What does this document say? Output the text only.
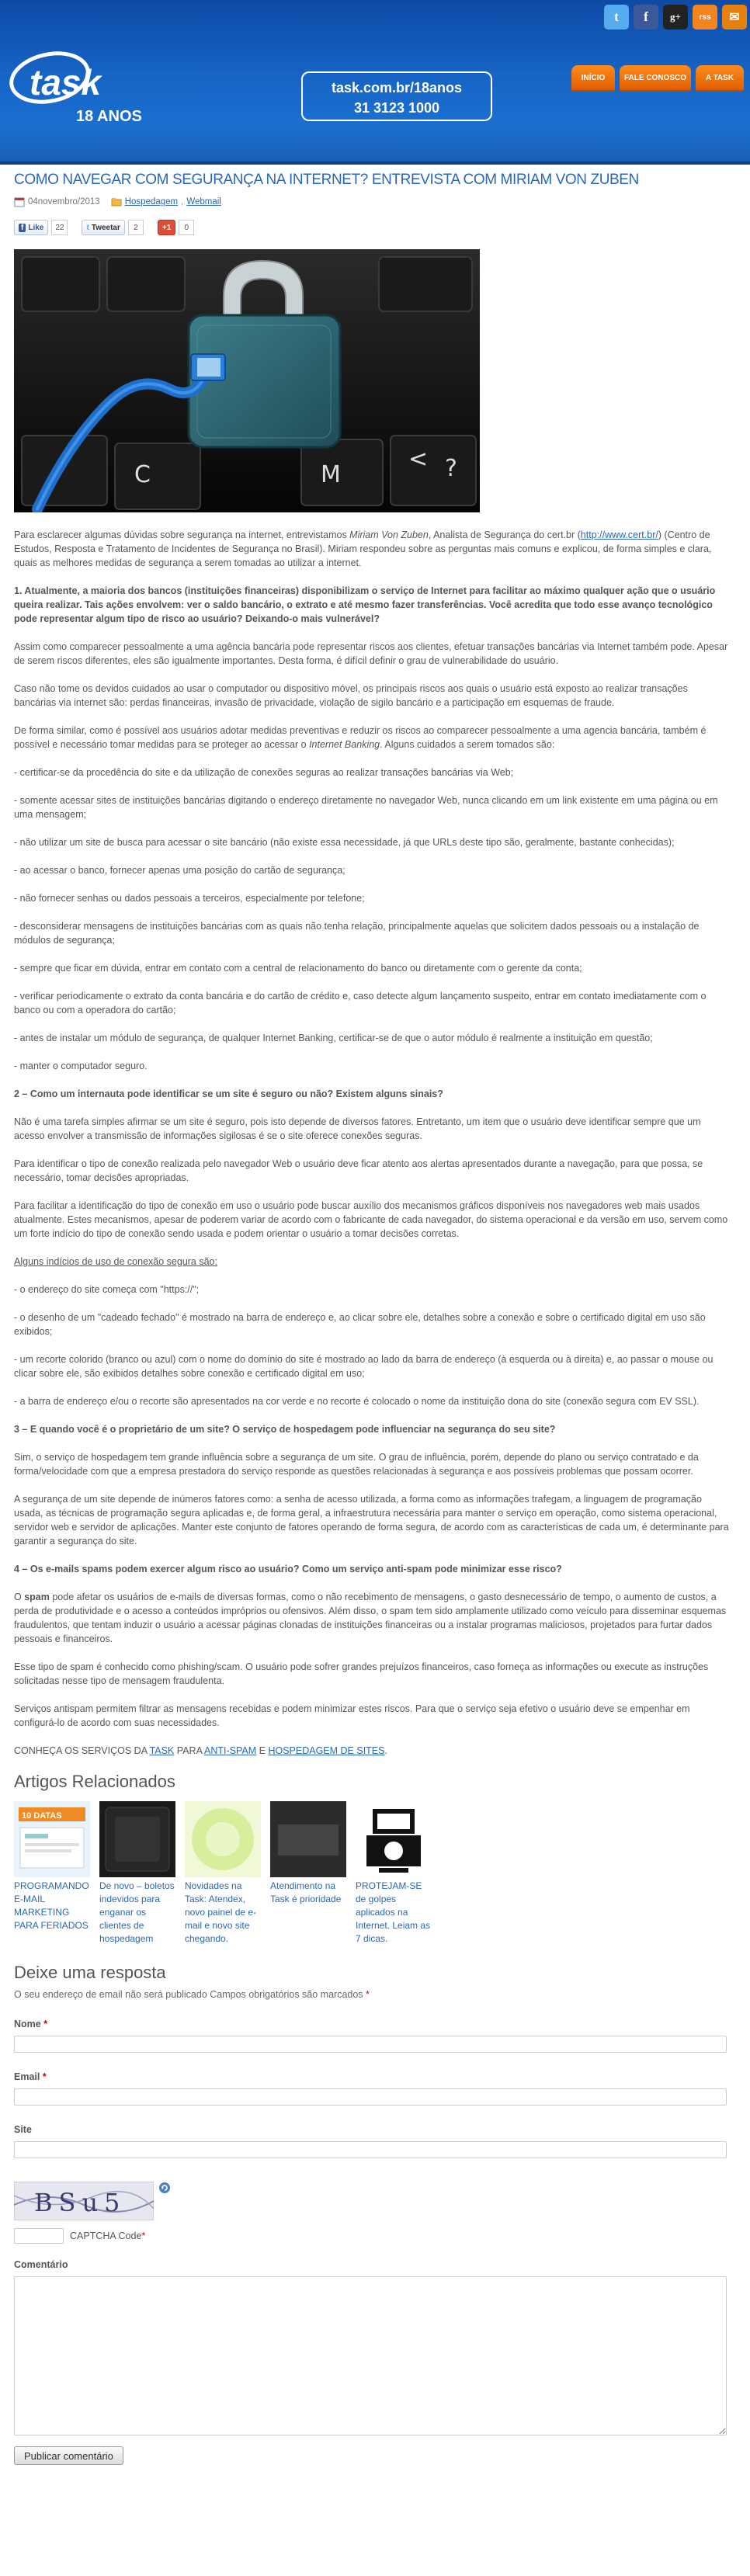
task
18 ANOS
task.com.br/18anos
31 3123 1000
t f g+ rss ✉
INÍCIO	FALE CONOSCO	A TASK
COMO NAVEGAR COM SEGURANÇA NA INTERNET? ENTREVISTA COM MIRIAM VON ZUBEN
04novembro/2013	Hospedagem , Webmail
f Like	22	t Tweetar	2	+1	0
C	M
< ?

Para esclarecer algumas dúvidas sobre segurança na internet, entrevistamos Miriam Von Zuben, Analista de Segurança do cert.br (http://www.cert.br/) (Centro de Estudos, Resposta e Tratamento de Incidentes de Segurança no Brasil). Miriam respondeu sobre as perguntas mais comuns e explicou, de forma simples e clara, quais as melhores medidas de segurança a serem tomadas ao utilizar a internet.

1. Atualmente, a maioria dos bancos (instituições financeiras) disponibilizam o serviço de Internet para facilitar ao máximo qualquer ação que o usuário queira realizar. Tais ações envolvem: ver o saldo bancário, o extrato e até mesmo fazer transferências. Você acredita que todo esse avanço tecnológico pode representar algum tipo de risco ao usuário? Deixando-o mais vulnerável?

Assim como comparecer pessoalmente a uma agência bancária pode representar riscos aos clientes, efetuar transações bancárias via Internet também pode. Apesar de serem riscos diferentes, eles são igualmente importantes. Desta forma, é difícil definir o grau de vulnerabilidade do usuário.

Caso não tome os devidos cuidados ao usar o computador ou dispositivo móvel, os principais riscos aos quais o usuário está exposto ao realizar transações bancárias via internet são: perdas financeiras, invasão de privacidade, violação de sigilo bancário e a participação em esquemas de fraude.

De forma similar, como é possível aos usuários adotar medidas preventivas e reduzir os riscos ao comparecer pessoalmente a uma agencia bancária, também é possível e necessário tomar medidas para se proteger ao acessar o Internet Banking. Alguns cuidados a serem tomados são:

- certificar-se da procedência do site e da utilização de conexões seguras ao realizar transações bancárias via Web;

- somente acessar sites de instituições bancárias digitando o endereço diretamente no navegador Web, nunca clicando em um link existente em uma página ou em uma mensagem;

- não utilizar um site de busca para acessar o site bancário (não existe essa necessidade, já que URLs deste tipo são, geralmente, bastante conhecidas);

- ao acessar o banco, fornecer apenas uma posição do cartão de segurança;

- não fornecer senhas ou dados pessoais a terceiros, especialmente por telefone;

- desconsiderar mensagens de instituições bancárias com as quais não tenha relação, principalmente aquelas que solicitem dados pessoais ou a instalação de módulos de segurança;

- sempre que ficar em dúvida, entrar em contato com a central de relacionamento do banco ou diretamente com o gerente da conta;

- verificar periodicamente o extrato da conta bancária e do cartão de crédito e, caso detecte algum lançamento suspeito, entrar em contato imediatamente com o banco ou com a operadora do cartão;

- antes de instalar um módulo de segurança, de qualquer Internet Banking, certificar-se de que o autor módulo é realmente a instituição em questão;

- manter o computador seguro.

2 – Como um internauta pode identificar se um site é seguro ou não? Existem alguns sinais?

Não é uma tarefa simples afirmar se um site é seguro, pois isto depende de diversos fatores. Entretanto, um item que o usuário deve identificar sempre que um acesso envolver a transmissão de informações sigilosas é se o site oferece conexões seguras.

Para identificar o tipo de conexão realizada pelo navegador Web o usuário deve ficar atento aos alertas apresentados durante a navegação, para que possa, se necessário, tomar decisões apropriadas.

Para facilitar a identificação do tipo de conexão em uso o usuário pode buscar auxílio dos mecanismos gráficos disponíveis nos navegadores web mais usados atualmente. Estes mecanismos, apesar de poderem variar de acordo com o fabricante de cada navegador, do sistema operacional e da versão em uso, servem como um forte indício do tipo de conexão sendo usada e podem orientar o usuário a tomar decisões corretas.

Alguns indícios de uso de conexão segura são:

- o endereço do site começa com "https://";

- o desenho de um "cadeado fechado" é mostrado na barra de endereço e, ao clicar sobre ele, detalhes sobre a conexão e sobre o certificado digital em uso são exibidos;

- um recorte colorido (branco ou azul) com o nome do domínio do site é mostrado ao lado da barra de endereço (à esquerda ou à direita) e, ao passar o mouse ou clicar sobre ele, são exibidos detalhes sobre conexão e certificado digital em uso;

- a barra de endereço e/ou o recorte são apresentados na cor verde e no recorte é colocado o nome da instituição dona do site (conexão segura com EV SSL).

3 – E quando você é o proprietário de um site? O serviço de hospedagem pode influenciar na segurança do seu site?

Sim, o serviço de hospedagem tem grande influência sobre a segurança de um site. O grau de influência, porém, depende do plano ou serviço contratado e da forma/velocidade com que a empresa prestadora do serviço responde as questões relacionadas à segurança e aos possíveis problemas que possam ocorrer.

A segurança de um site depende de inúmeros fatores como: a senha de acesso utilizada, a forma como as informações trafegam, a linguagem de programação usada, as técnicas de programação segura aplicadas e, de forma geral, a infraestrutura necessária para manter o serviço em operação, como sistema operacional, servidor web e servidor de aplicações. Manter este conjunto de fatores operando de forma segura, de acordo com as características de cada um, é determinante para garantir a segurança do site.

4 – Os e-mails spams podem exercer algum risco ao usuário? Como um serviço anti-spam pode minimizar esse risco?

O spam pode afetar os usuários de e-mails de diversas formas, como o não recebimento de mensagens, o gasto desnecessário de tempo, o aumento de custos, a perda de produtividade e o acesso a conteúdos impróprios ou ofensivos. Além disso, o spam tem sido amplamente utilizado como veículo para disseminar esquemas fraudulentos, que tentam induzir o usuário a acessar páginas clonadas de instituições financeiras ou a instalar programas maliciosos, projetados para furtar dados pessoais e financeiros.

Esse tipo de spam é conhecido como phishing/scam. O usuário pode sofrer grandes prejuízos financeiros, caso forneça as informações ou execute as instruções solicitadas nesse tipo de mensagem fraudulenta.

Serviços antispam permitem filtrar as mensagens recebidas e podem minimizar estes riscos. Para que o serviço seja efetivo o usuário deve se empenhar em configurá-lo de acordo com suas necessidades.

CONHEÇA OS SERVIÇOS DA TASK PARA ANTI-SPAM E HOSPEDAGEM DE SITES.

Artigos Relacionados
10 DATAS
PROGRAMANDO E-MAIL MARKETING PARA FERIADOS
De novo – boletos indevidos para enganar os clientes de hospedagem
Novidades na Task: Atendex, novo painel de e-mail e novo site chegando.
Atendimento na Task é prioridade
PROTEJAM-SE de golpes aplicados na Internet. Leiam as 7 dicas.
Deixe uma resposta
O seu endereço de email não será publicado Campos obrigatórios são marcados *
Nome *
Email *
Site
BSu5
CAPTCHA Code*
Comentário
Publicar comentário
